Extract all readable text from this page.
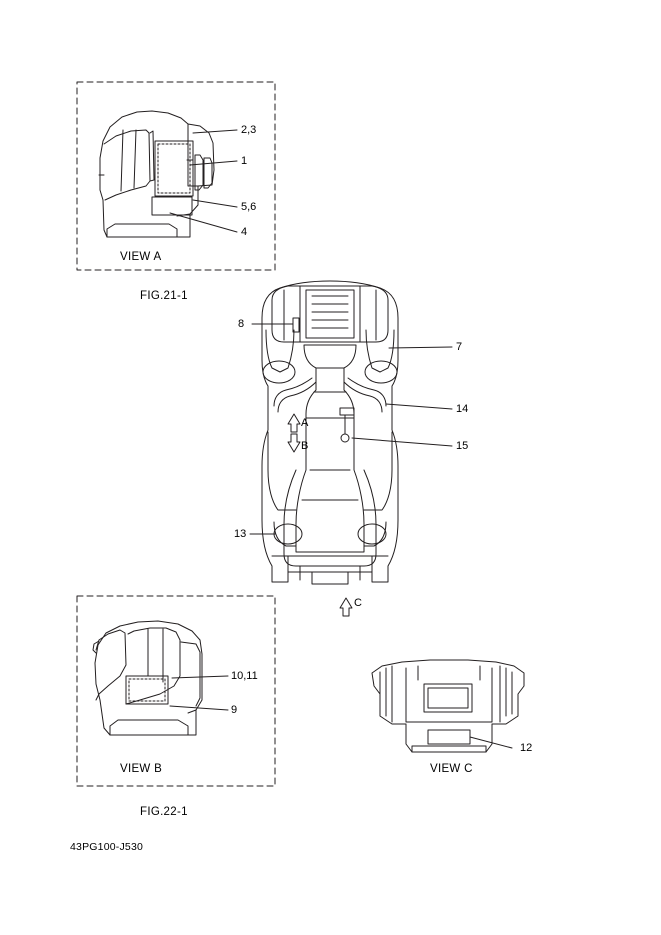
2,3
1
5,6
4
VIEW A
FIG.21-1
8
7
14
15
13
A
B
C
10,11
9
VIEW B
FIG.22-1
12
VIEW C
43PG100-J530
